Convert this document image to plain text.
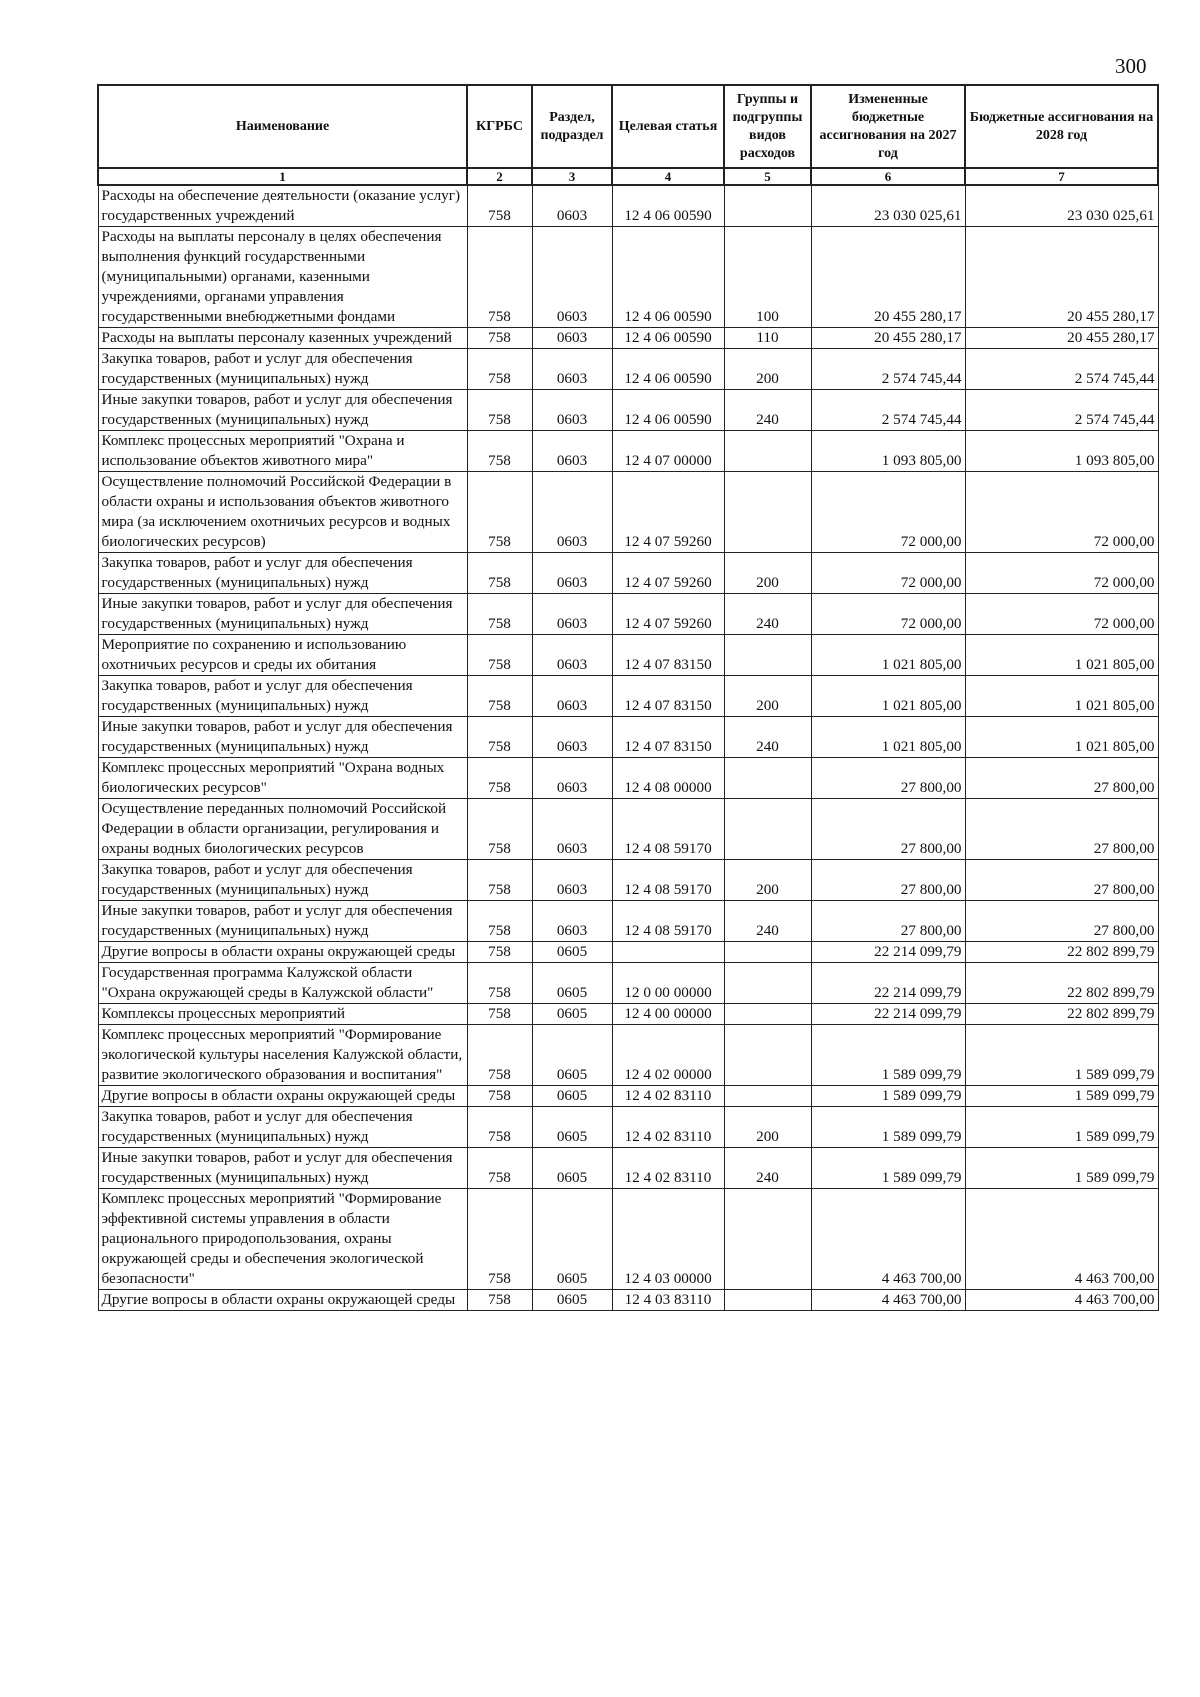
300
Наименование	КГРБС	Раздел, подраздел	Целевая статья	Группы и подгруппы видов расходов	Измененные бюджетные ассигнования на 2027 год	Бюджетные ассигнования на 2028 год
1	2	3	4	5	6	7
Расходы на обеспечение деятельности (оказание услуг) государственных учреждений	758	0603	12 4 06 00590		23 030 025,61	23 030 025,61
Расходы на выплаты персоналу в целях обеспечения выполнения функций государственными (муниципальными) органами, казенными учреждениями, органами управления государственными внебюджетными фондами	758	0603	12 4 06 00590	100	20 455 280,17	20 455 280,17
Расходы на выплаты персоналу казенных учреждений	758	0603	12 4 06 00590	110	20 455 280,17	20 455 280,17
Закупка товаров, работ и услуг для обеспечения государственных (муниципальных) нужд	758	0603	12 4 06 00590	200	2 574 745,44	2 574 745,44
Иные закупки товаров, работ и услуг для обеспечения государственных (муниципальных) нужд	758	0603	12 4 06 00590	240	2 574 745,44	2 574 745,44
Комплекс процессных мероприятий "Охрана и использование объектов животного мира"	758	0603	12 4 07 00000		1 093 805,00	1 093 805,00
Осуществление полномочий Российской Федерации в области охраны и использования объектов животного мира (за исключением охотничьих ресурсов и водных биологических ресурсов)	758	0603	12 4 07 59260		72 000,00	72 000,00
Закупка товаров, работ и услуг для обеспечения государственных (муниципальных) нужд	758	0603	12 4 07 59260	200	72 000,00	72 000,00
Иные закупки товаров, работ и услуг для обеспечения государственных (муниципальных) нужд	758	0603	12 4 07 59260	240	72 000,00	72 000,00
Мероприятие по сохранению и использованию охотничьих ресурсов и среды их обитания	758	0603	12 4 07 83150		1 021 805,00	1 021 805,00
Закупка товаров, работ и услуг для обеспечения государственных (муниципальных) нужд	758	0603	12 4 07 83150	200	1 021 805,00	1 021 805,00
Иные закупки товаров, работ и услуг для обеспечения государственных (муниципальных) нужд	758	0603	12 4 07 83150	240	1 021 805,00	1 021 805,00
Комплекс процессных мероприятий "Охрана водных биологических ресурсов"	758	0603	12 4 08 00000		27 800,00	27 800,00
Осуществление переданных полномочий Российской Федерации в области организации, регулирования и охраны водных биологических ресурсов	758	0603	12 4 08 59170		27 800,00	27 800,00
Закупка товаров, работ и услуг для обеспечения государственных (муниципальных) нужд	758	0603	12 4 08 59170	200	27 800,00	27 800,00
Иные закупки товаров, работ и услуг для обеспечения государственных (муниципальных) нужд	758	0603	12 4 08 59170	240	27 800,00	27 800,00
Другие вопросы в области охраны окружающей среды	758	0605			22 214 099,79	22 802 899,79
Государственная программа Калужской области "Охрана окружающей среды в Калужской области"	758	0605	12 0 00 00000		22 214 099,79	22 802 899,79
Комплексы процессных мероприятий	758	0605	12 4 00 00000		22 214 099,79	22 802 899,79
Комплекс процессных мероприятий "Формирование экологической культуры населения Калужской области, развитие экологического образования и воспитания"	758	0605	12 4 02 00000		1 589 099,79	1 589 099,79
Другие вопросы в области охраны окружающей среды	758	0605	12 4 02 83110		1 589 099,79	1 589 099,79
Закупка товаров, работ и услуг для обеспечения государственных (муниципальных) нужд	758	0605	12 4 02 83110	200	1 589 099,79	1 589 099,79
Иные закупки товаров, работ и услуг для обеспечения государственных (муниципальных) нужд	758	0605	12 4 02 83110	240	1 589 099,79	1 589 099,79
Комплекс процессных мероприятий "Формирование эффективной системы управления в области рационального природопользования, охраны окружающей среды и обеспечения экологической безопасности"	758	0605	12 4 03 00000		4 463 700,00	4 463 700,00
Другие вопросы в области охраны окружающей среды	758	0605	12 4 03 83110		4 463 700,00	4 463 700,00
